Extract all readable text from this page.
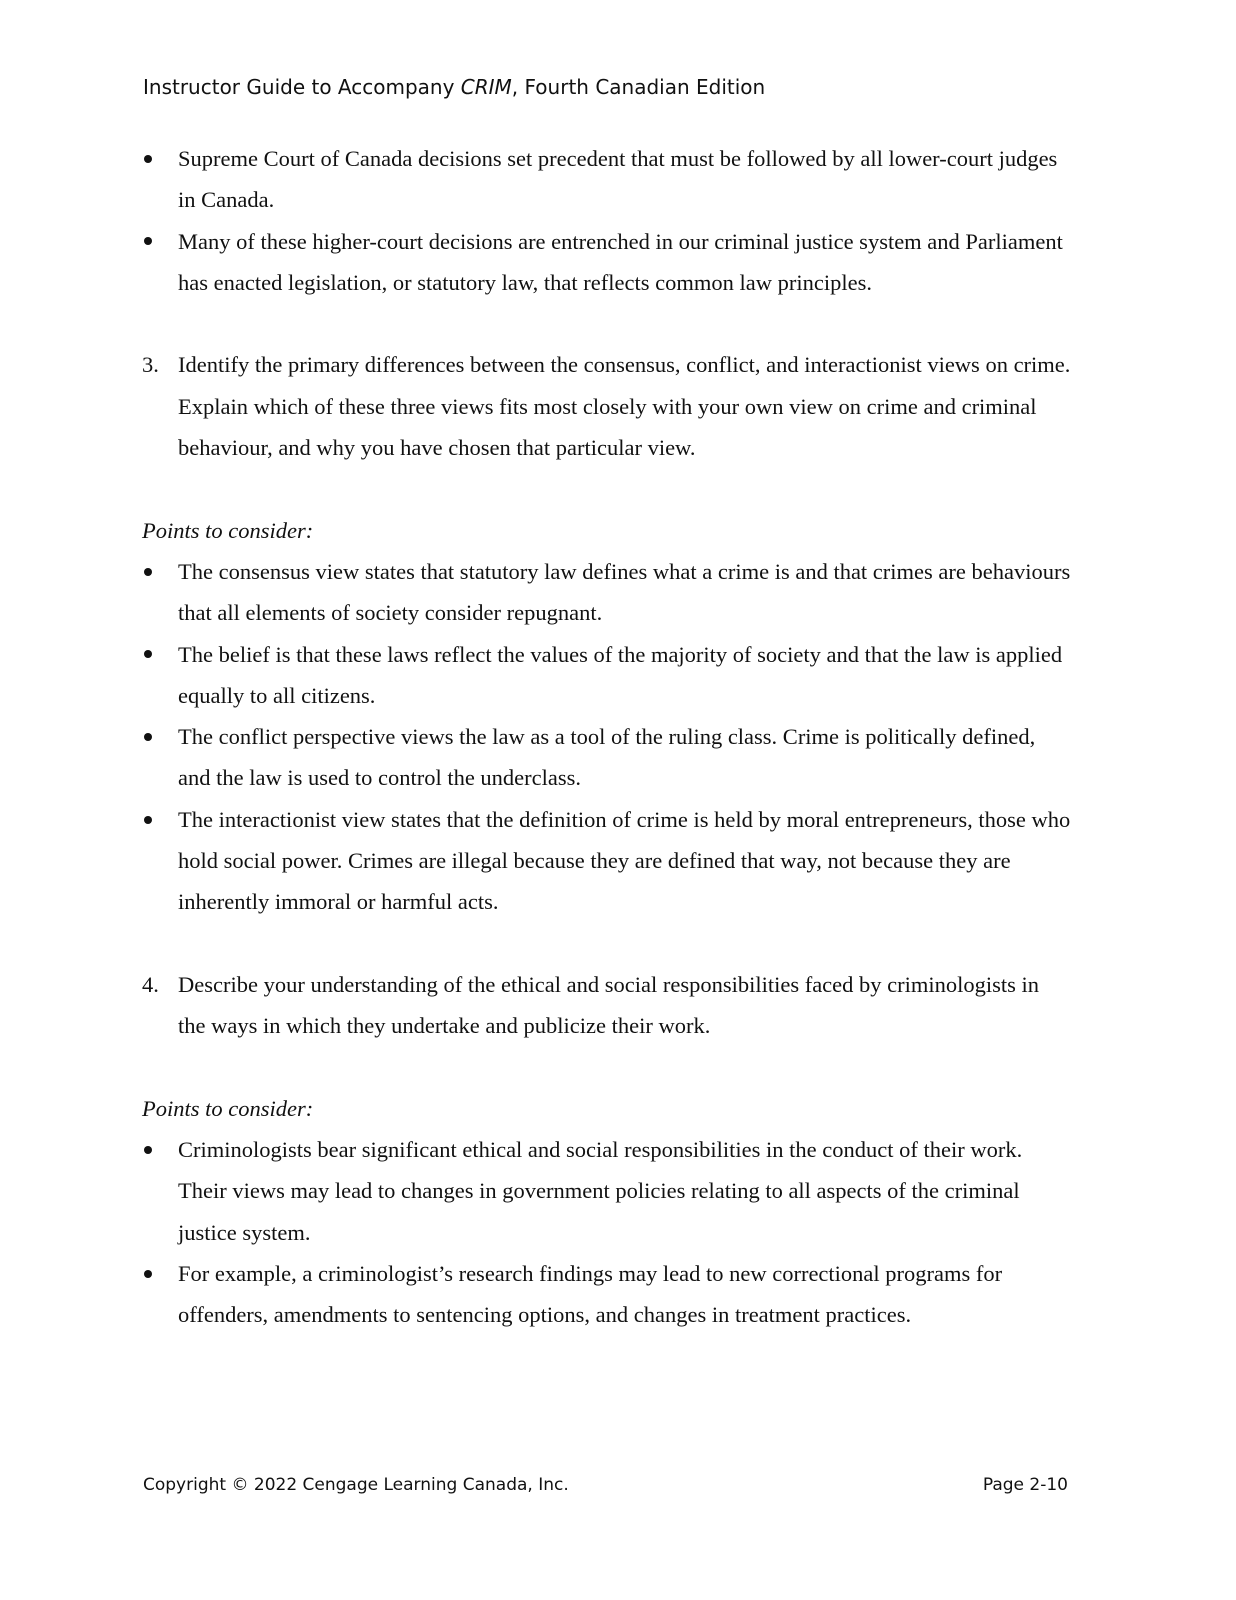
Instructor Guide to Accompany CRIM, Fourth Canadian Edition
Supreme Court of Canada decisions set precedent that must be followed by all lower-court judges in Canada.
Many of these higher-court decisions are entrenched in our criminal justice system and Parliament has enacted legislation, or statutory law, that reflects common law principles.
3. Identify the primary differences between the consensus, conflict, and interactionist views on crime. Explain which of these three views fits most closely with your own view on crime and criminal behaviour, and why you have chosen that particular view.
Points to consider:
The consensus view states that statutory law defines what a crime is and that crimes are behaviours that all elements of society consider repugnant.
The belief is that these laws reflect the values of the majority of society and that the law is applied equally to all citizens.
The conflict perspective views the law as a tool of the ruling class. Crime is politically defined, and the law is used to control the underclass.
The interactionist view states that the definition of crime is held by moral entrepreneurs, those who hold social power. Crimes are illegal because they are defined that way, not because they are inherently immoral or harmful acts.
4. Describe your understanding of the ethical and social responsibilities faced by criminologists in the ways in which they undertake and publicize their work.
Points to consider:
Criminologists bear significant ethical and social responsibilities in the conduct of their work. Their views may lead to changes in government policies relating to all aspects of the criminal justice system.
For example, a criminologist’s research findings may lead to new correctional programs for offenders, amendments to sentencing options, and changes in treatment practices.
Copyright © 2022 Cengage Learning Canada, Inc.	Page 2-10
